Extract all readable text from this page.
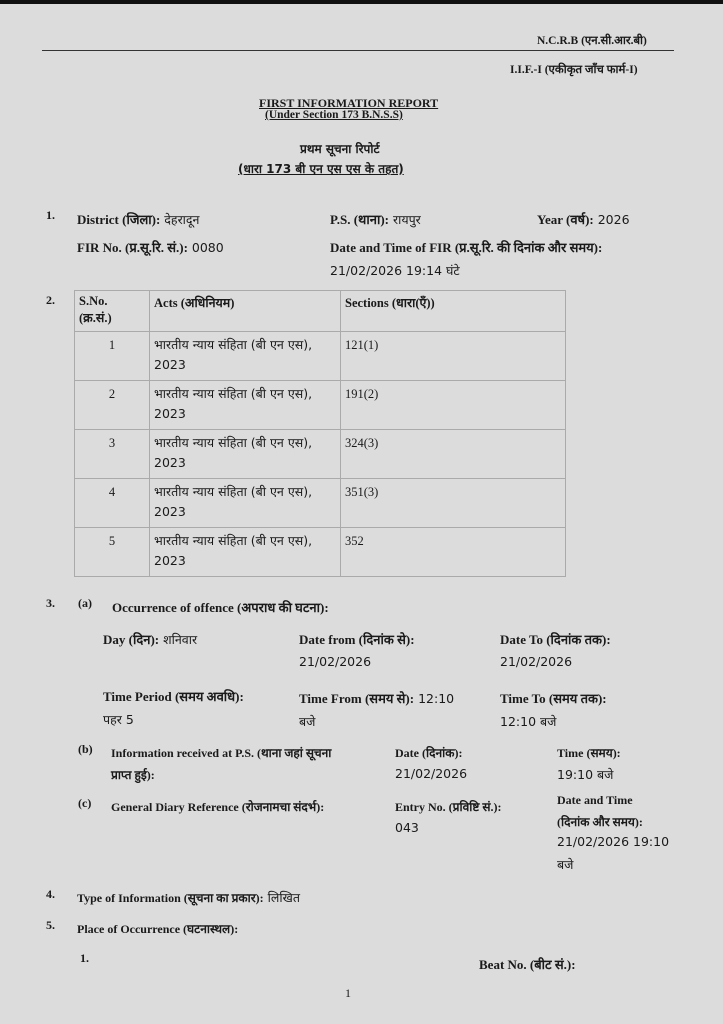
N.C.R.B (एन.सी.आर.बी)
I.I.F.-I (एकीकृत जाँच फार्म-I)
FIRST INFORMATION REPORT
(Under Section 173 B.N.S.S)
प्रथम सूचना रिपोर्ट
(धारा 173 बी एन एस एस के तहत)
1. District (जिला): देहरादून	P.S. (थाना): रायपुर	Year (वर्ष): 2026
FIR No. (प्र.सू.रि. सं.): 0080	Date and Time of FIR (प्र.सू.रि. की दिनांक और समय):
21/02/2026 19:14 घंटे
2. S.No.
(क्र.सं.)	Acts (अधिनियम)	Sections (धारा(एँ))
1	भारतीय न्याय संहिता (बी एन एस), 2023	121(1)
2	भारतीय न्याय संहिता (बी एन एस), 2023	191(2)
3	भारतीय न्याय संहिता (बी एन एस), 2023	324(3)
4	भारतीय न्याय संहिता (बी एन एस), 2023	351(3)
5	भारतीय न्याय संहिता (बी एन एस), 2023	352
3. (a) Occurrence of offence (अपराध की घटना):
Day (दिन): शनिवार	Date from (दिनांक से):
21/02/2026
Date To (दिनांक तक):
21/02/2026
Time Period (समय अवधि):
पहर 5
Time From (समय से): 12:10
बजे
Time To (समय तक):
12:10 बजे
(b) Information received at P.S. (थाना जहां सूचना
प्राप्त हुई):
Date (दिनांक):
21/02/2026
Time (समय):
19:10 बजे
(c) General Diary Reference (रोजनामचा संदर्भ):	Entry No. (प्रविष्टि सं.):
043
Date and Time
(दिनांक और समय):
21/02/2026 19:10
बजे
4. Type of Information (सूचना का प्रकार): लिखित
5. Place of Occurrence (घटनास्थल):
1.	Beat No. (बीट सं.):
1
